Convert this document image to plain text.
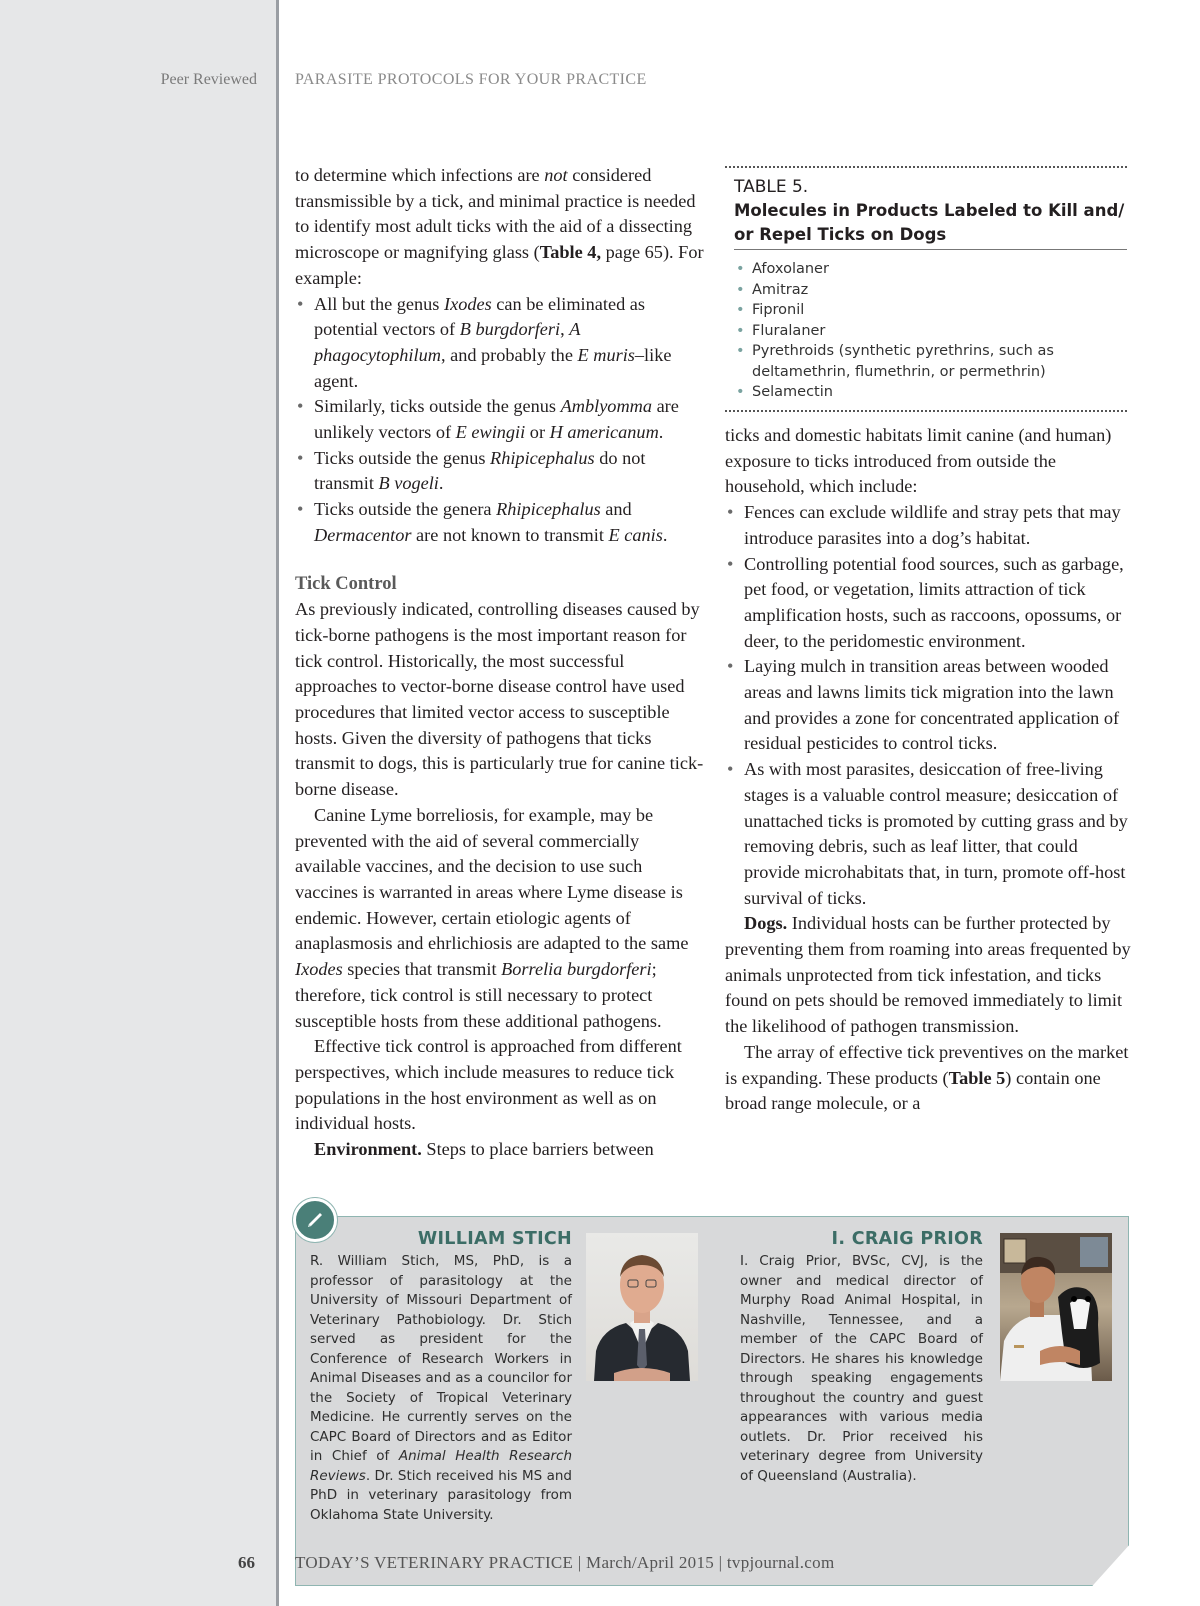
Peer Reviewed PARASITE PROTOCOLS FOR YOUR PRACTICE

to determine which infections are not considered transmissible by a tick, and minimal practice is needed to identify most adult ticks with the aid of a dissecting microscope or magnifying glass (Table 4, page 65). For example:

• All but the genus Ixodes can be eliminated as potential vectors of B burgdorferi, A phagocytophilum, and probably the E muris–like agent.
• Similarly, ticks outside the genus Amblyomma are unlikely vectors of E ewingii or H americanum.
• Ticks outside the genus Rhipicephalus do not transmit B vogeli.
• Ticks outside the genera Rhipicephalus and Dermacentor are not known to transmit E canis.

Tick Control

As previously indicated, controlling diseases caused by tick-borne pathogens is the most important reason for tick control. Historically, the most successful approaches to vector-borne disease control have used procedures that limited vector access to susceptible hosts. Given the diversity of pathogens that ticks transmit to dogs, this is particularly true for canine tick-borne disease.

Canine Lyme borreliosis, for example, may be prevented with the aid of several commercially available vaccines, and the decision to use such vaccines is warranted in areas where Lyme disease is endemic. However, certain etiologic agents of anaplasmosis and ehrlichiosis are adapted to the same Ixodes species that transmit Borrelia burgdorferi; therefore, tick control is still necessary to protect susceptible hosts from these additional pathogens.

Effective tick control is approached from different perspectives, which include measures to reduce tick populations in the host environment as well as on individual hosts.

Environment. Steps to place barriers between

TABLE 5.
Molecules in Products Labeled to Kill and/ or Repel Ticks on Dogs
• Afoxolaner
• Amitraz
• Fipronil
• Fluralaner
• Pyrethroids (synthetic pyrethrins, such as deltamethrin, flumethrin, or permethrin)
• Selamectin

ticks and domestic habitats limit canine (and human) exposure to ticks introduced from outside the household, which include:

• Fences can exclude wildlife and stray pets that may introduce parasites into a dog’s habitat.
• Controlling potential food sources, such as garbage, pet food, or vegetation, limits attraction of tick amplification hosts, such as raccoons, opossums, or deer, to the peridomestic environment.
• Laying mulch in transition areas between wooded areas and lawns limits tick migration into the lawn and provides a zone for concentrated application of residual pesticides to control ticks.
• As with most parasites, desiccation of free-living stages is a valuable control measure; desiccation of unattached ticks is promoted by cutting grass and by removing debris, such as leaf litter, that could provide microhabitats that, in turn, promote off-host survival of ticks.

Dogs. Individual hosts can be further protected by preventing them from roaming into areas frequented by animals unprotected from tick infestation, and ticks found on pets should be removed immediately to limit the likelihood of pathogen transmission.

The array of effective tick preventives on the market is expanding. These products (Table 5) contain one broad range molecule, or a

WILLIAM STICH
R. William Stich, MS, PhD, is a professor of parasitology at the University of Missouri Department of Veterinary Pathobiology. Dr. Stich served as president for the Conference of Research Workers in Animal Diseases and as a councilor for the Society of Tropical Veterinary Medicine. He currently serves on the CAPC Board of Directors and as Editor in Chief of Animal Health Research Reviews. Dr. Stich received his MS and PhD in veterinary parasitology from Oklahoma State University.
I. CRAIG PRIOR
I. Craig Prior, BVSc, CVJ, is the owner and medical director of Murphy Road Animal Hospital, in Nashville, Tennessee, and a member of the CAPC Board of Directors. He shares his knowledge through speaking engagements throughout the country and guest appearances with various media outlets. Dr. Prior received his veterinary degree from University of Queensland (Australia).
66 TODAY’S VETERINARY PRACTICE | March/April 2015 | tvpjournal.com
